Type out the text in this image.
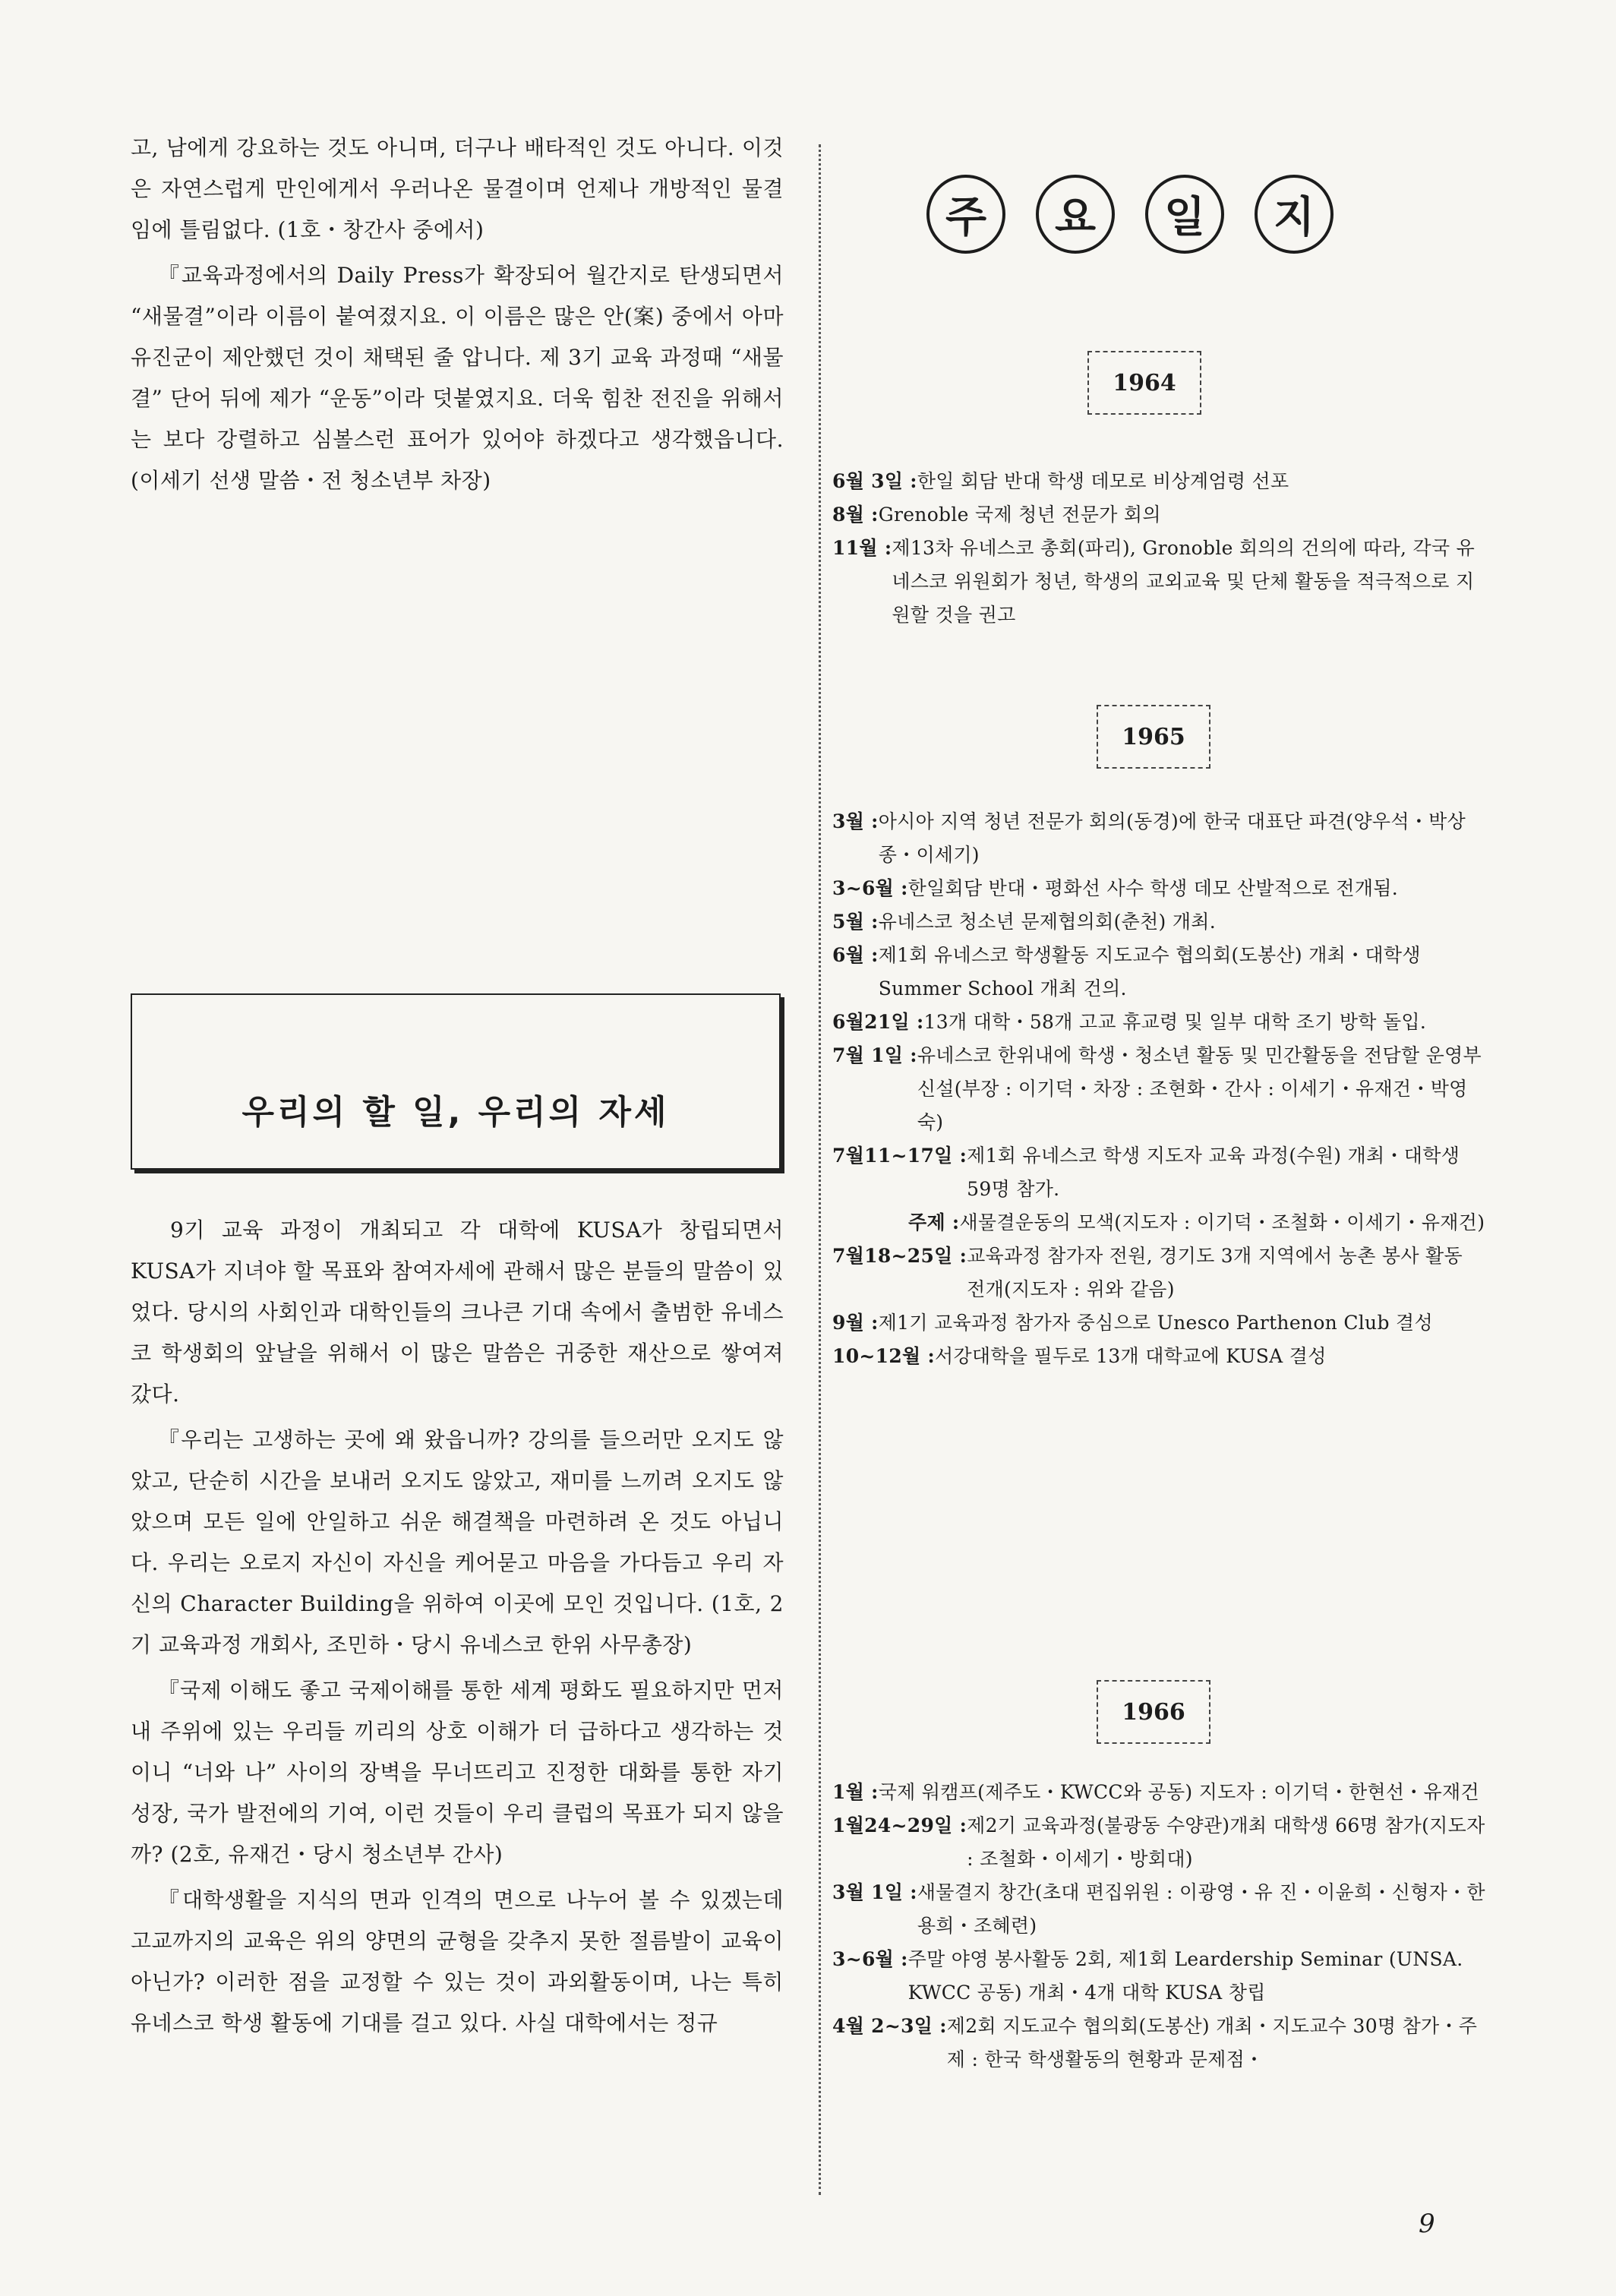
고, 남에게 강요하는 것도 아니며, 더구나 배타적인 것도 아니다. 이것은 자연스럽게 만인에게서 우러나온 물결이며 언제나 개방적인 물결임에 틀림없다. (1호・창간사 중에서)

『교육과정에서의 Daily Press가 확장되어 월간지로 탄생되면서 “새물결”이라 이름이 붙여졌지요. 이 이름은 많은 안(案) 중에서 아마 유진군이 제안했던 것이 채택된 줄 압니다. 제 3기 교육 과정때 “새물결” 단어 뒤에 제가 “운동”이라 덧붙였지요. 더욱 힘찬 전진을 위해서는 보다 강렬하고 심볼스런 표어가 있어야 하겠다고 생각했읍니다. (이세기 선생 말씀・전 청소년부 차장)

우리의 할 일, 우리의 자세

9기 교육 과정이 개최되고 각 대학에 KUSA가 창립되면서 KUSA가 지녀야 할 목표와 참여자세에 관해서 많은 분들의 말씀이 있었다. 당시의 사회인과 대학인들의 크나큰 기대 속에서 출범한 유네스코 학생회의 앞날을 위해서 이 많은 말씀은 귀중한 재산으로 쌓여져 갔다.

『우리는 고생하는 곳에 왜 왔읍니까? 강의를 들으러만 오지도 않았고, 단순히 시간을 보내러 오지도 않았고, 재미를 느끼려 오지도 않았으며 모든 일에 안일하고 쉬운 해결책을 마련하려 온 것도 아닙니다. 우리는 오로지 자신이 자신을 케어묻고 마음을 가다듬고 우리 자신의 Character Building을 위하여 이곳에 모인 것입니다. (1호, 2기 교육과정 개회사, 조민하・당시 유네스코 한위 사무총장)

『국제 이해도 좋고 국제이해를 통한 세계 평화도 필요하지만 먼저 내 주위에 있는 우리들 끼리의 상호 이해가 더 급하다고 생각하는 것이니 “너와 나” 사이의 장벽을 무너뜨리고 진정한 대화를 통한 자기 성장, 국가 발전에의 기여, 이런 것들이 우리 클럽의 목표가 되지 않을까? (2호, 유재건・당시 청소년부 간사)

『대학생활을 지식의 면과 인격의 면으로 나누어 볼 수 있겠는데 고교까지의 교육은 위의 양면의 균형을 갖추지 못한 절름발이 교육이 아닌가? 이러한 점을 교정할 수 있는 것이 과외활동이며, 나는 특히 유네스코 학생 활동에 기대를 걸고 있다. 사실 대학에서는 정규

주	요	일	지
1964
6월 3일 : 한일 회담 반대 학생 데모로 비상계엄령 선포
8월 : Grenoble 국제 청년 전문가 회의
11월 : 제13차 유네스코 총회(파리), Gronoble 회의의 건의에 따라, 각국 유네스코 위원회가 청년, 학생의 교외교육 및 단체 활동을 적극적으로 지원할 것을 권고
1965
3월 : 아시아 지역 청년 전문가 회의(동경)에 한국 대표단 파견(양우석・박상종・이세기)
3~6월 : 한일회담 반대・평화선 사수 학생 데모 산발적으로 전개됨.
5월 : 유네스코 청소년 문제협의회(춘천) 개최.
6월 : 제1회 유네스코 학생활동 지도교수 협의회(도봉산) 개최・대학생 Summer School 개최 건의.
6월21일 : 13개 대학・58개 고교 휴교령 및 일부 대학 조기 방학 돌입.
7월 1일 : 유네스코 한위내에 학생・청소년 활동 및 민간활동을 전담할 운영부 신설(부장 : 이기덕・차장 : 조현화・간사 : 이세기・유재건・박영숙)
7월11~17일 : 제1회 유네스코 학생 지도자 교육 과정(수원) 개최・대학생 59명 참가.
주제 : 새물결운동의 모색(지도자 : 이기덕・조철화・이세기・유재건)
7월18~25일 : 교육과정 참가자 전원, 경기도 3개 지역에서 농촌 봉사 활동 전개(지도자 : 위와 같음)
9월 : 제1기 교육과정 참가자 중심으로 Unesco Parthenon Club 결성
10~12월 : 서강대학을 필두로 13개 대학교에 KUSA 결성
1966
1월 : 국제 워캠프(제주도・KWCC와 공동) 지도자 : 이기덕・한현선・유재건
1월24~29일 : 제2기 교육과정(불광동 수양관)개최 대학생 66명 참가(지도자 : 조철화・이세기・방회대)
3월 1일 : 새물결지 창간(초대 편집위원 : 이광영・유 진・이윤희・신형자・한용희・조혜련)
3~6월 : 주말 야영 봉사활동 2회, 제1회 Leardership Seminar (UNSA. KWCC 공동) 개최・4개 대학 KUSA 창립
4월 2~3일 : 제2회 지도교수 협의회(도봉산) 개최・지도교수 30명 참가・주제 : 한국 학생활동의 현황과 문제점・
9
